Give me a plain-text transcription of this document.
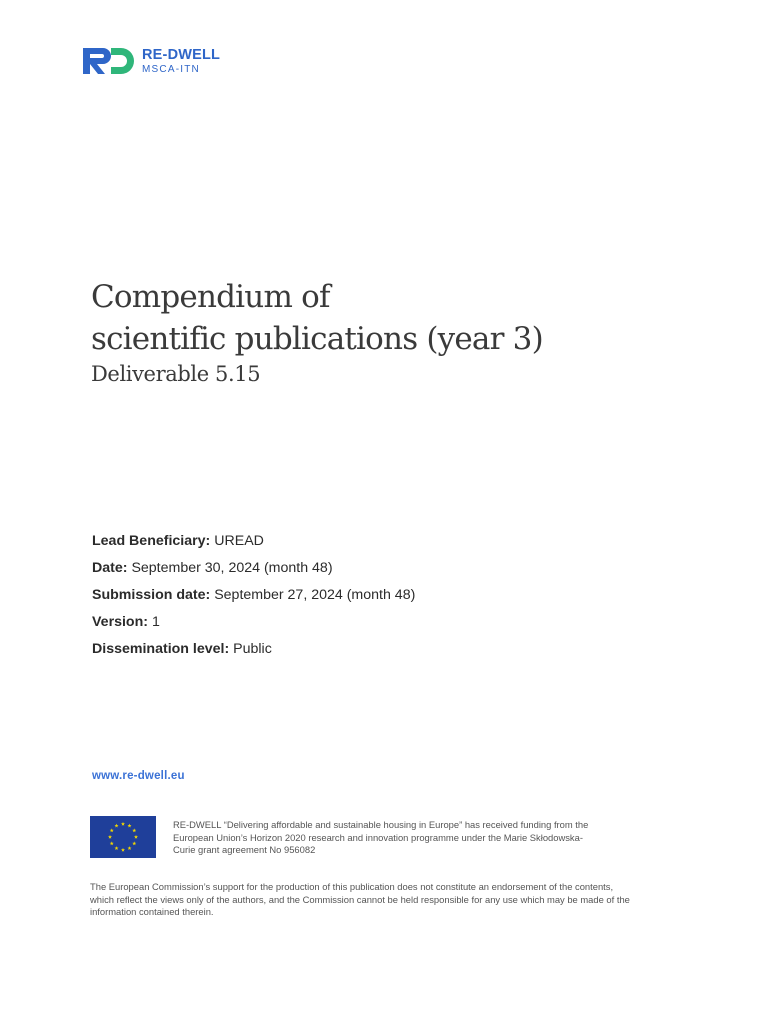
RE-DWELL
MSCA-ITN
Compendium of
scientific publications (year 3)
Deliverable 5.15
Lead Beneficiary: UREAD
Date: September 30, 2024 (month 48)
Submission date: September 27, 2024 (month 48)
Version: 1
Dissemination level: Public
www.re-dwell.eu
RE-DWELL “Delivering affordable and sustainable housing in Europe” has received funding from the European Union’s Horizon 2020 research and innovation programme under the Marie Skłodowska-Curie grant agreement No 956082
The European Commission’s support for the production of this publication does not constitute an endorsement of the contents, which reflect the views only of the authors, and the Commission cannot be held responsible for any use which may be made of the information contained therein.
